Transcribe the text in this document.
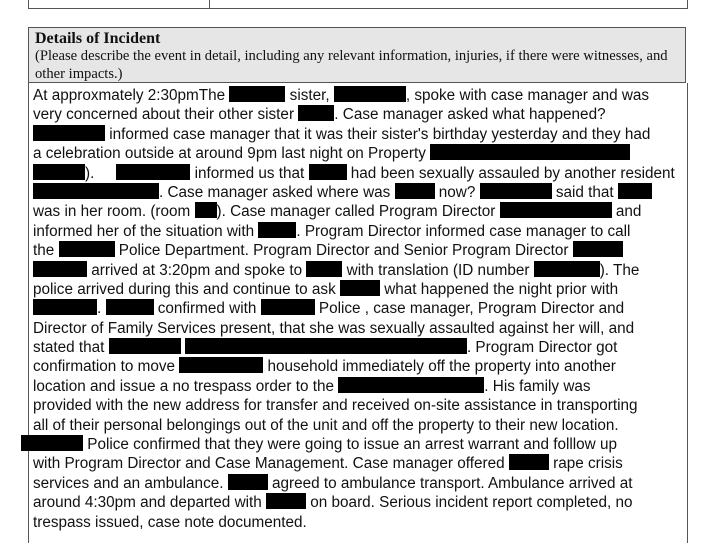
Details of Incident
(Please describe the event in detail, including any relevant information, injuries, if there were witnesses, and other impacts.)
At approxmately 2:30pmThe	sister,	, spoke with case manager and was
very concerned about their other sister . Case manager asked what happened?
informed case manager that it was their sister's birthday yesterday and they had
a celebration outside at around 9pm last night on Property
).	informed us that  had been sexually assauled by another resident
. Case manager asked where was	now?	said that
was in her room. (room ). Case manager called Program Director	and
informed her of the situation with . Program Director informed case manager to call
the	Police Department. Program Director and Senior Program Director
arrived at 3:20pm and spoke to  with translation (ID number	). The
police arrived during this and continue to ask	what happened the night prior with
.	confirmed with	Police , case manager, Program Director and
Director of Family Services present, that she was sexually assaulted against her will, and
stated that	. Program Director got
confirmation to move	household immediately off the property into another
location and issue a no trespass order to the	. His family was
provided with the new address for transfer and received on-site assistance in transporting
all of their personal belongings out of the unit and off the property to their new location.
Police confirmed that they were going to issue an arrest warrant and folllow up
with Program Director and Case Management. Case manager offered	rape crisis
services and an ambulance.	agreed to ambulance transport. Ambulance arrived at
around 4:30pm and departed with	on board. Serious incident report completed, no
trespass issued, case note documented.
